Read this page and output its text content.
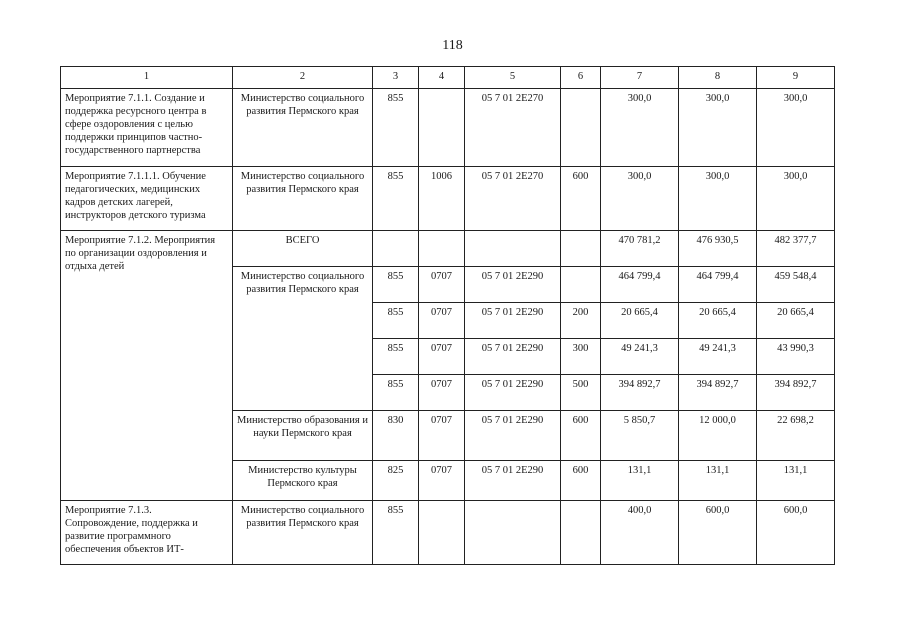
118
1	2	3	4	5	6	7	8	9
Мероприятие 7.1.1. Создание и поддержка ресурсного центра в сфере оздоровления с целью поддержки принципов частно-государственного партнерства	Министерство социального развития Пермского края	855		05 7 01 2Е270		300,0	300,0	300,0
Мероприятие 7.1.1.1. Обучение педагогических, медицинских кадров детских лагерей, инструкторов детского туризма	Министерство социального развития Пермского края	855	1006	05 7 01 2Е270	600	300,0	300,0	300,0
Мероприятие 7.1.2. Мероприятия по организации оздоровления и отдыха детей	ВСЕГО					470 781,2	476 930,5	482 377,7
	Министерство социального развития Пермского края	855	0707	05 7 01 2Е290		464 799,4	464 799,4	459 548,4
		855	0707	05 7 01 2Е290	200	20 665,4	20 665,4	20 665,4
		855	0707	05 7 01 2Е290	300	49 241,3	49 241,3	43 990,3
		855	0707	05 7 01 2Е290	500	394 892,7	394 892,7	394 892,7
	Министерство образования и науки Пермского края	830	0707	05 7 01 2Е290	600	5 850,7	12 000,0	22 698,2
	Министерство культуры Пермского края	825	0707	05 7 01 2Е290	600	131,1	131,1	131,1
Мероприятие 7.1.3. Сопровождение, поддержка и развитие программного обеспечения объектов ИТ-	Министерство социального развития Пермского края	855				400,0	600,0	600,0
